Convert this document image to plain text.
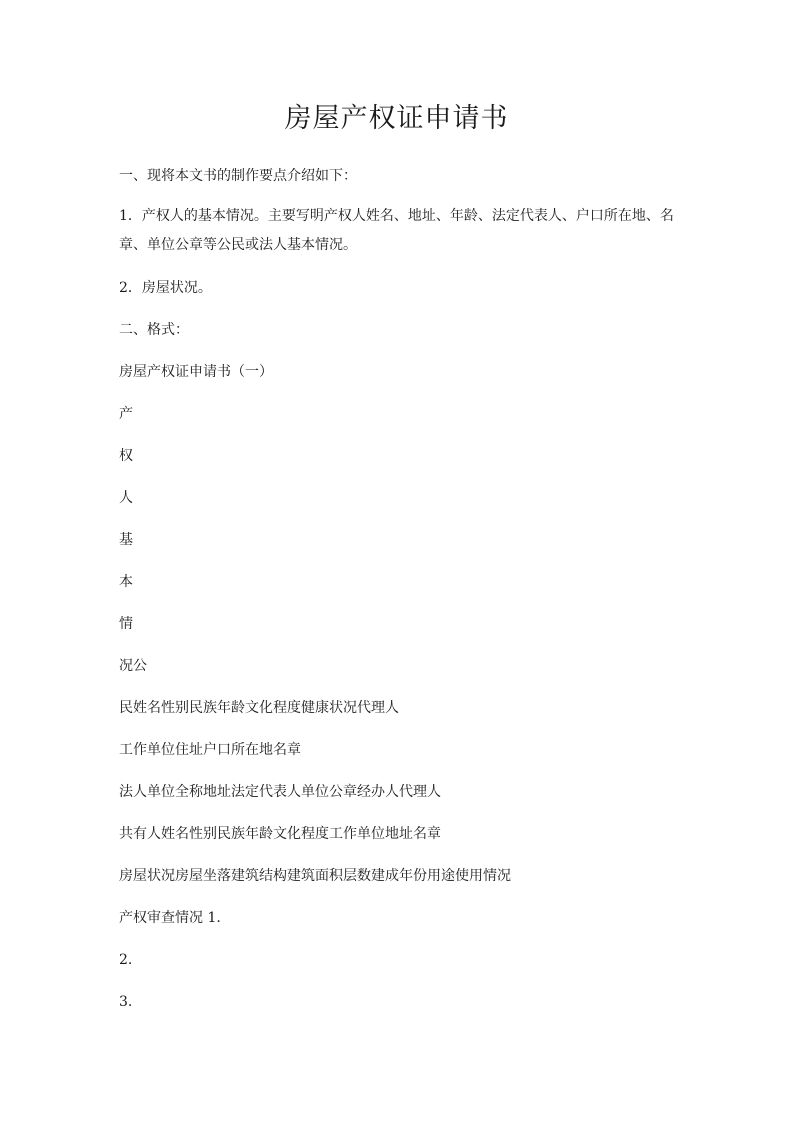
房屋产权证申请书

一、现将本文书的制作要点介绍如下：

1．产权人的基本情况。主要写明产权人姓名、地址、年龄、法定代表人、户口所在地、名章、单位公章等公民或法人基本情况。

2．房屋状况。

二、格式：

房屋产权证申请书（一）

产

权

人

基

本

情

况公

民姓名性别民族年龄文化程度健康状况代理人

工作单位住址户口所在地名章

法人单位全称地址法定代表人单位公章经办人代理人

共有人姓名性别民族年龄文化程度工作单位地址名章

房屋状况房屋坐落建筑结构建筑面积层数建成年份用途使用情况

产权审查情况 1.

2.

3.
